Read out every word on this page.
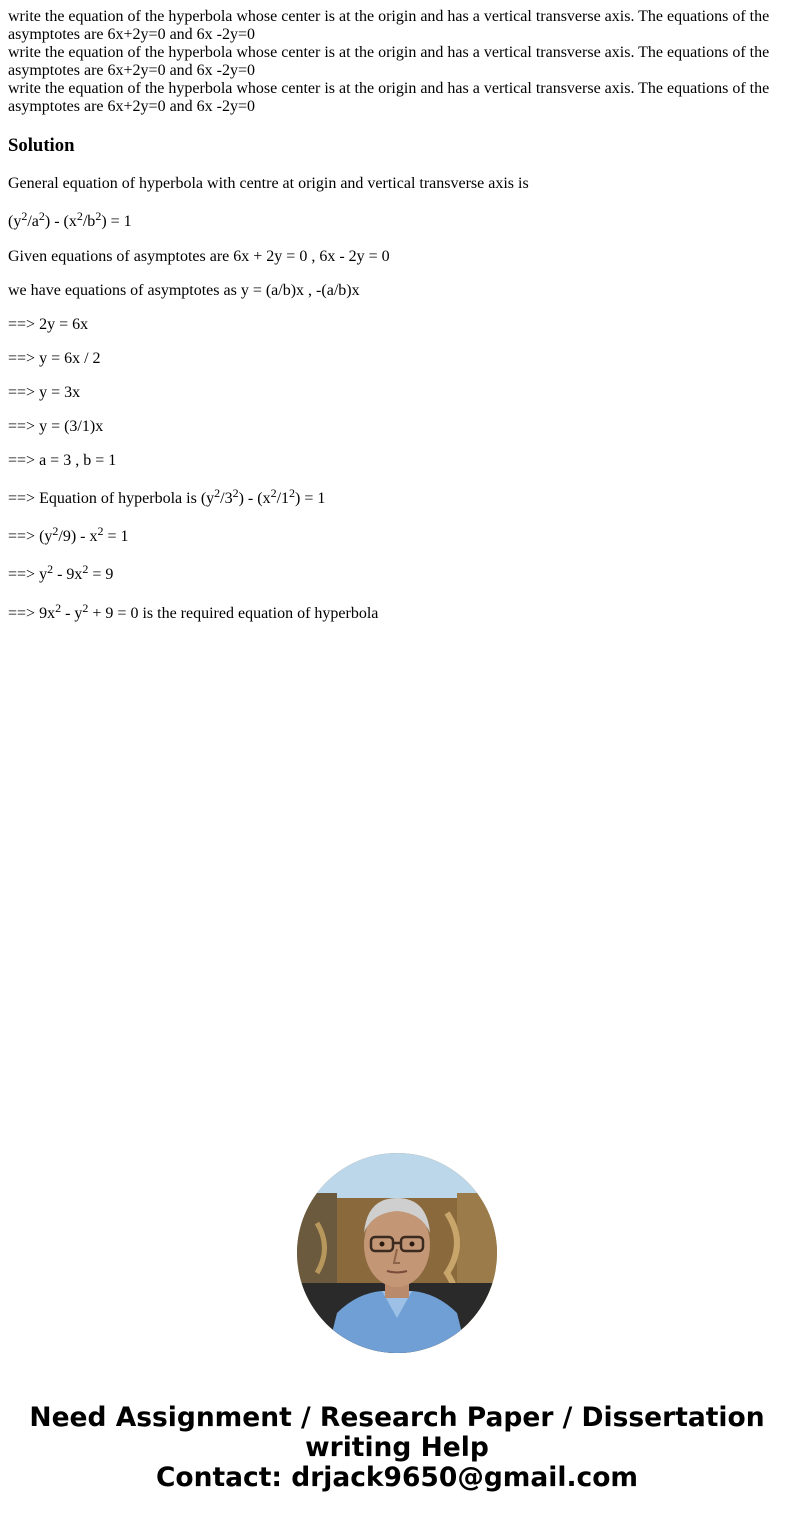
write the equation of the hyperbola whose center is at the origin and has a vertical transverse axis. The equations of the asymptotes are 6x+2y=0 and 6x -2y=0
write the equation of the hyperbola whose center is at the origin and has a vertical transverse axis. The equations of the asymptotes are 6x+2y=0 and 6x -2y=0
write the equation of the hyperbola whose center is at the origin and has a vertical transverse axis. The equations of the asymptotes are 6x+2y=0 and 6x -2y=0
Solution

General equation of hyperbola with centre at origin and vertical transverse axis is

$(y^2/a^2) - (x^2/b^2) = 1$

Given equations of asymptotes are 6x + 2y = 0 , 6x - 2y = 0

we have equations of asymptotes as y = (a/b)x , -(a/b)x

==> 2y = 6x

==> y = 6x / 2

==> y = 3x

==> y = (3/1)x

==> a = 3 , b = 1

==> Equation of hyperbola is $(y^2/3^2) - (x^2/1^2) = 1$

==> $(y^2/9) - x^2 = 1$

==> $y^2 - 9x^2 = 9$

==> $9x^2 - y^2 + 9 = 0$ is the required equation of hyperbola

Need Assignment / Research Paper / Dissertation
writing Help
Contact: drjack9650@gmail.com
